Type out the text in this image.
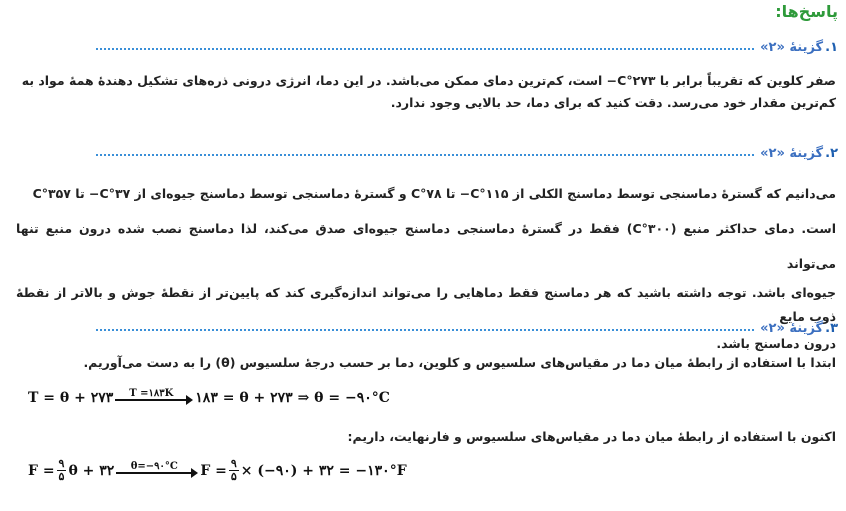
پاسخ‌ها:
۱.
گزینۀ «۲»
صفر کلوین که تقریباً برابر با ۲۷۳°C− است، کم‌ترین دمای ممکن می‌باشد. در این دما، انرژی درونی ذره‌های تشکیل دهندۀ همۀ مواد به
کم‌ترین مقدار خود می‌رسد. دقت کنید که برای دما، حد بالایی وجود ندارد.
۲.
گزینۀ «۲»
می‌دانیم که گسترۀ دماسنجی توسط دماسنج الکلی از ۱۱۵°C− تا ۷۸°C و گسترۀ دماسنجی توسط دماسنج جیوه‌ای از ۳۷°C− تا ۳۵۷°C
است. دمای حداکثر منبع (۳۰۰°C) فقط در گسترۀ دماسنجی دماسنج جیوه‌ای صدق می‌کند، لذا دماسنج نصب شده درون منبع تنها می‌تواند
جیوه‌ای باشد. توجه داشته باشید که هر دماسنج فقط دماهایی را می‌تواند اندازه‌گیری کند که پایین‌تر از نقطۀ جوش و بالاتر از نقطۀ ذوب مایع
درون دماسنج باشد.
۳.
گزینۀ «۲»
ابتدا با استفاده از رابطۀ میان دما در مقیاس‌های سلسیوس و کلوین، دما بر حسب درجۀ سلسیوس (θ) را به دست می‌آوریم.
T = θ + ۲۷۳ T =۱۸۳K ۱۸۳ = θ + ۲۷۳ ⇒ θ = −۹۰°C
اکنون با استفاده از رابطۀ میان دما در مقیاس‌های سلسیوس و فارنهایت، داریم:
$F = \frac{۹}{۵}$ θ + ۳۲ θ=−۹۰°C $F = \frac{۹}{۵}$ × (−۹۰) + ۳۲ = −۱۳۰°F
